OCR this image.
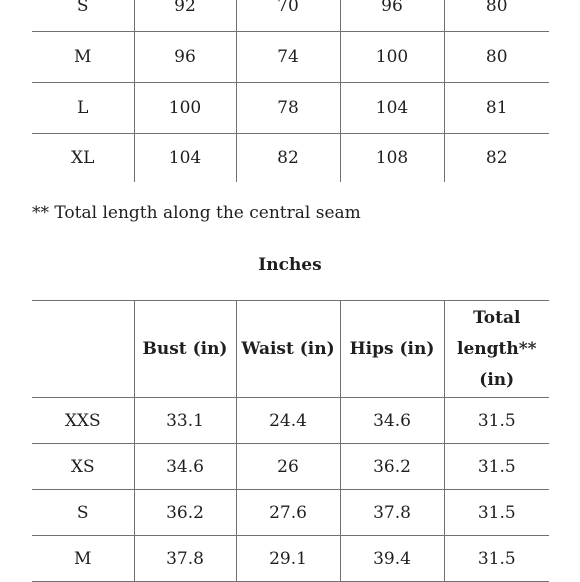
S	92	70	96	80
M	96	74	100	80
L	100	78	104	81
XL	104	82	108	82
** Total length along the central seam
Inches
	Bust (in)	Waist (in)	Hips (in)	Total length** (in)
XXS	33.1	24.4	34.6	31.5
XS	34.6	26	36.2	31.5
S	36.2	27.6	37.8	31.5
M	37.8	29.1	39.4	31.5
